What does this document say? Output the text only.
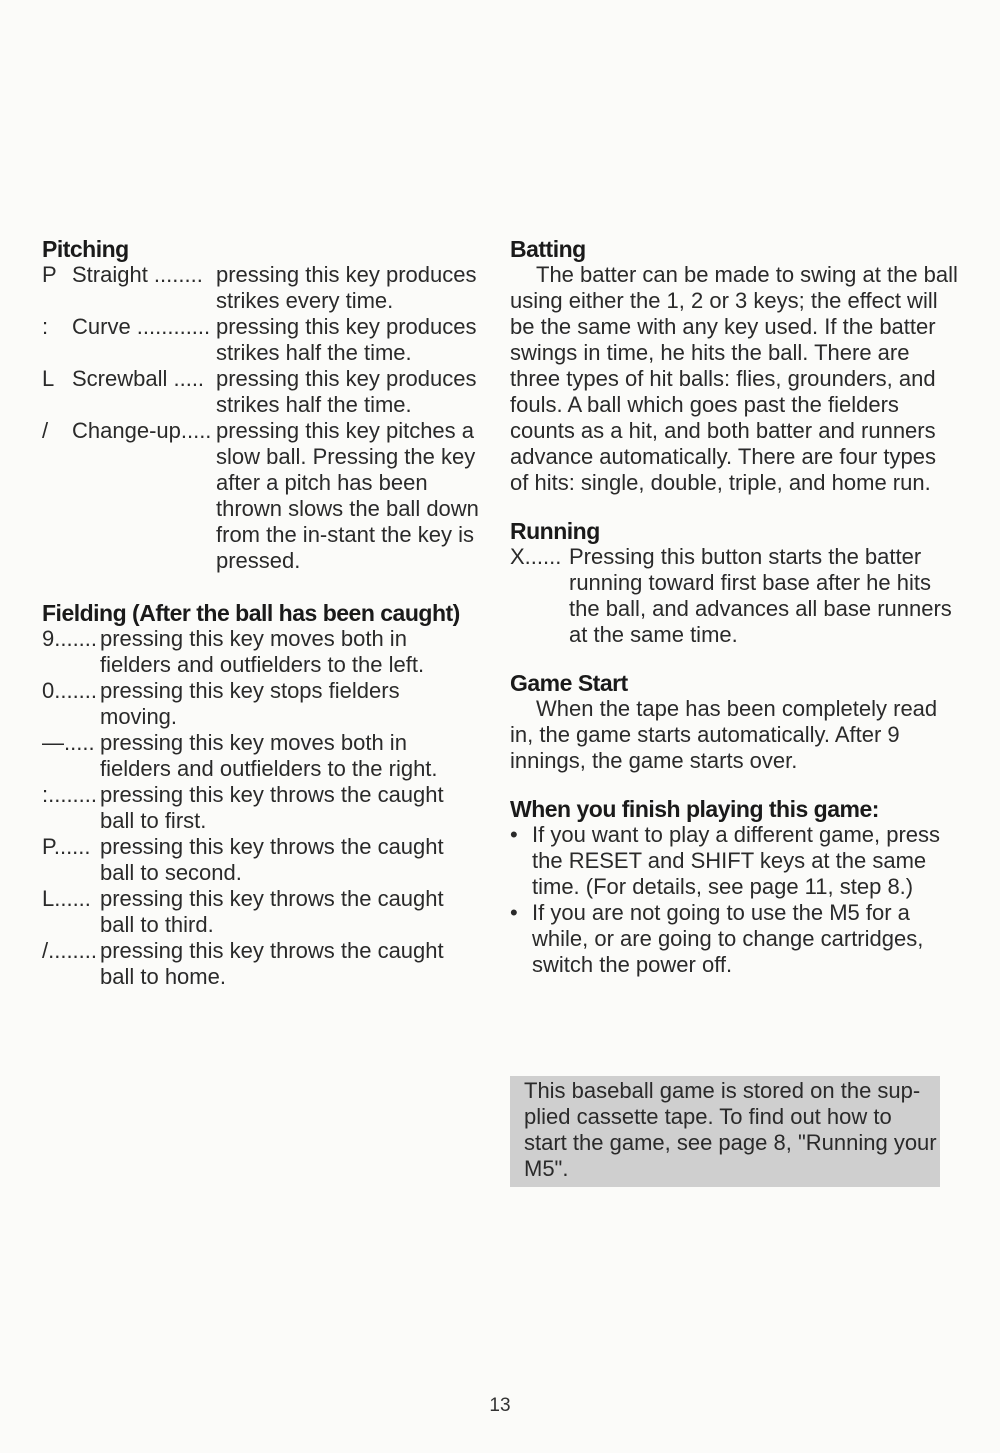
Pitching
P Straight ........ pressing this key produces strikes every time.
:	Curve ............ pressing this key produces strikes half the time.
L Screwball ..... pressing this key produces strikes half the time.
/	Change-up..... pressing this key pitches a slow ball. Pressing the key after a pitch has been thrown slows the ball down from the in-stant the key is pressed.
Fielding (After the ball has been caught)
9....... pressing this key moves both in fielders and outfielders to the left.
0....... pressing this key stops fielders moving.
—..... pressing this key moves both in fielders and outfielders to the right.
:........ pressing this key throws the caught ball to first.
P...... pressing this key throws the caught ball to second.
L...... pressing this key throws the caught ball to third.
/........ pressing this key throws the caught ball to home.
Batting
The batter can be made to swing at the ball using either the 1, 2 or 3 keys; the effect will be the same with any key used. If the batter swings in time, he hits the ball. There are three types of hit balls: flies, grounders, and fouls. A ball which goes past the fielders counts as a hit, and both batter and runners advance automatically. There are four types of hits: single, double, triple, and home run.
Running
X...... Pressing this button starts the batter running toward first base after he hits the ball, and advances all base runners at the same time.
Game Start
When the tape has been completely read in, the game starts automatically. After 9 innings, the game starts over.
When you finish playing this game:
• If you want to play a different game, press the RESET and SHIFT keys at the same time. (For details, see page 11, step 8.)
• If you are not going to use the M5 for a while, or are going to change cartridges, switch the power off.
This baseball game is stored on the sup-plied cassette tape. To find out how to start the game, see page 8, "Running your M5".
13
